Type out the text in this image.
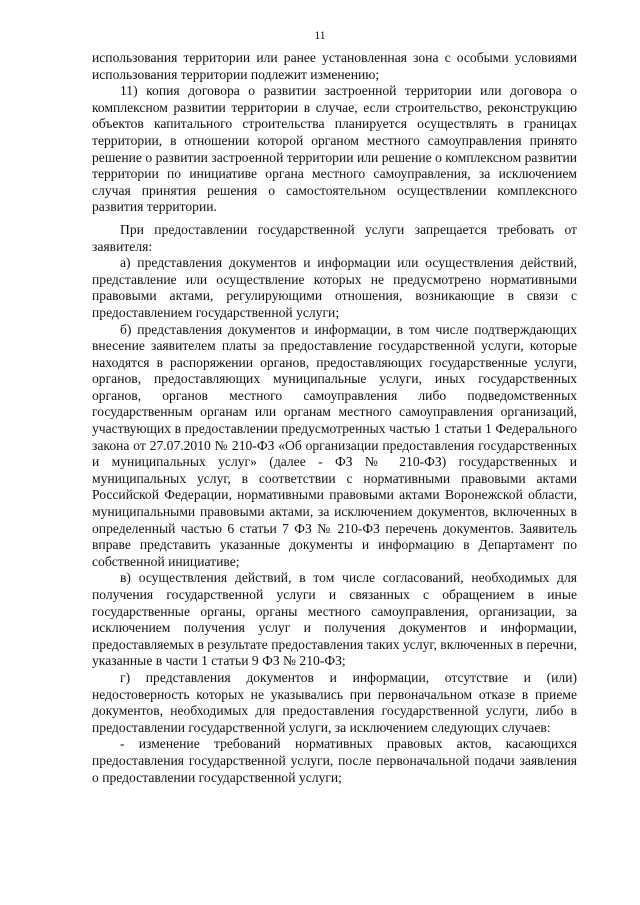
11

использования территории или ранее установленная зона с особыми условиями использования территории подлежит изменению;

11) копия договора о развитии застроенной территории или договора о комплексном развитии территории в случае, если строительство, реконструкцию объектов капитального строительства планируется осуществлять в границах территории, в отношении которой органом местного самоуправления принято решение о развитии застроенной территории или решение о комплексном развитии территории по инициативе органа местного самоуправления, за исключением случая принятия решения о самостоятельном осуществлении комплексного развития территории.

При предоставлении государственной услуги запрещается требовать от заявителя:

а) представления документов и информации или осуществления действий, представление или осуществление которых не предусмотрено нормативными правовыми актами, регулирующими отношения, возникающие в связи с предоставлением государственной услуги;

б) представления документов и информации, в том числе подтверждающих внесение заявителем платы за предоставление государственной услуги, которые находятся в распоряжении органов, предоставляющих государственные услуги, органов, предоставляющих муниципальные услуги, иных государственных органов, органов местного самоуправления либо подведомственных государственным органам или органам местного самоуправления организаций, участвующих в предоставлении предусмотренных частью 1 статьи 1 Федерального закона от 27.07.2010 № 210-ФЗ «Об организации предоставления государственных и муниципальных услуг» (далее - ФЗ № 210-ФЗ) государственных и муниципальных услуг, в соответствии с нормативными правовыми актами Российской Федерации, нормативными правовыми актами Воронежской области, муниципальными правовыми актами, за исключением документов, включенных в определенный частью 6 статьи 7 ФЗ № 210-ФЗ перечень документов. Заявитель вправе представить указанные документы и информацию в Департамент по собственной инициативе;

в) осуществления действий, в том числе согласований, необходимых для получения государственной услуги и связанных с обращением в иные государственные органы, органы местного самоуправления, организации, за исключением получения услуг и получения документов и информации, предоставляемых в результате предоставления таких услуг, включенных в перечни, указанные в части 1 статьи 9 ФЗ № 210-ФЗ;

г) представления документов и информации, отсутствие и (или) недостоверность которых не указывались при первоначальном отказе в приеме документов, необходимых для предоставления государственной услуги, либо в предоставлении государственной услуги, за исключением следующих случаев:

- изменение требований нормативных правовых актов, касающихся предоставления государственной услуги, после первоначальной подачи заявления о предоставлении государственной услуги;
